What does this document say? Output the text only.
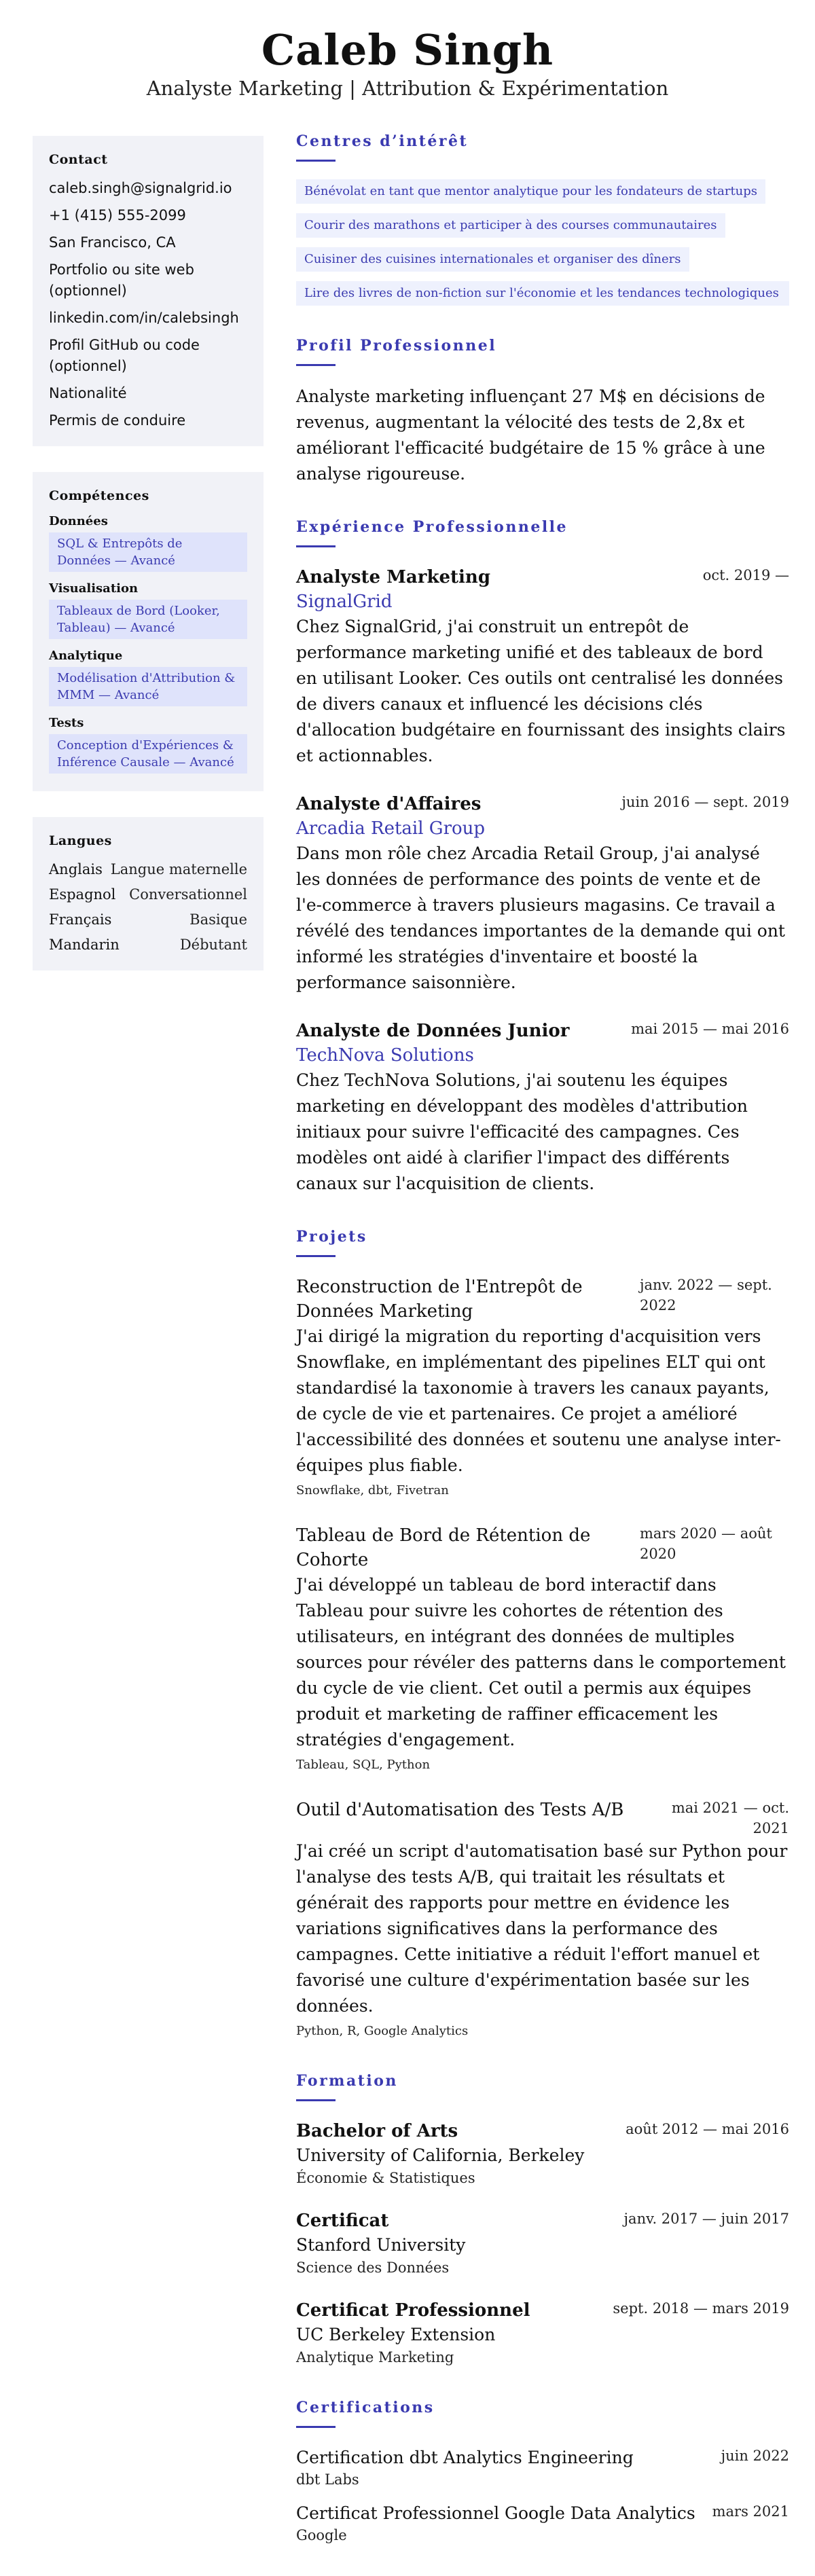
Caleb Singh
Analyste Marketing | Attribution & Expérimentation
Contact
caleb.singh@signalgrid.io
+1 (415) 555-2099
San Francisco, CA
Portfolio ou site web (optionnel)
linkedin.com/in/calebsingh
Profil GitHub ou code (optionnel)
Nationalité
Permis de conduire
Compétences
Données
SQL & Entrepôts de Données — Avancé
Visualisation
Tableaux de Bord (Looker, Tableau) — Avancé
Analytique
Modélisation d'Attribution & MMM — Avancé
Tests
Conception d'Expériences & Inférence Causale — Avancé
Langues
Anglais Langue maternelle
Espagnol Conversationnel
Français	Basique
Mandarin	Débutant
Centres d’intérêt
Bénévolat en tant que mentor analytique pour les fondateurs de startups
Courir des marathons et participer à des courses communautaires
Cuisiner des cuisines internationales et organiser des dîners
Lire des livres de non-fiction sur l'économie et les tendances technologiques
Profil Professionnel

Analyste marketing influençant 27 M$ en décisions de revenus, augmentant la vélocité des tests de 2,8x et améliorant l'efficacité budgétaire de 15 % grâce à une analyse rigoureuse.

Expérience Professionnelle
Analyste Marketing	oct. 2019 —
SignalGrid

Chez SignalGrid, j'ai construit un entrepôt de performance marketing unifié et des tableaux de bord en utilisant Looker. Ces outils ont centralisé les données de divers canaux et influencé les décisions clés d'allocation budgétaire en fournissant des insights clairs et actionnables.

Analyste d'Affaires	juin 2016 — sept. 2019
Arcadia Retail Group

Dans mon rôle chez Arcadia Retail Group, j'ai analysé les données de performance des points de vente et de l'e-commerce à travers plusieurs magasins. Ce travail a révélé des tendances importantes de la demande qui ont informé les stratégies d'inventaire et boosté la performance saisonnière.

Analyste de Données Junior	mai 2015 — mai 2016
TechNova Solutions

Chez TechNova Solutions, j'ai soutenu les équipes marketing en développant des modèles d'attribution initiaux pour suivre l'efficacité des campagnes. Ces modèles ont aidé à clarifier l'impact des différents canaux sur l'acquisition de clients.

Projets
Reconstruction de l'Entrepôt de Données Marketing
janv. 2022 — sept. 2022

J'ai dirigé la migration du reporting d'acquisition vers Snowflake, en implémentant des pipelines ELT qui ont standardisé la taxonomie à travers les canaux payants, de cycle de vie et partenaires. Ce projet a amélioré l'accessibilité des données et soutenu une analyse inter-équipes plus fiable.

Snowflake, dbt, Fivetran
Tableau de Bord de Rétention de Cohorte
mars 2020 — août 2020

J'ai développé un tableau de bord interactif dans Tableau pour suivre les cohortes de rétention des utilisateurs, en intégrant des données de multiples sources pour révéler des patterns dans le comportement du cycle de vie client. Cet outil a permis aux équipes produit et marketing de raffiner efficacement les stratégies d'engagement.

Tableau, SQL, Python
Outil d'Automatisation des Tests A/B	mai 2021 — oct. 2021

J'ai créé un script d'automatisation basé sur Python pour l'analyse des tests A/B, qui traitait les résultats et générait des rapports pour mettre en évidence les variations significatives dans la performance des campagnes. Cette initiative a réduit l'effort manuel et favorisé une culture d'expérimentation basée sur les données.

Python, R, Google Analytics
Formation
Bachelor of Arts	août 2012 — mai 2016
University of California, Berkeley
Économie & Statistiques
Certificat	janv. 2017 — juin 2017
Stanford University
Science des Données
Certificat Professionnel	sept. 2018 — mars 2019
UC Berkeley Extension
Analytique Marketing
Certifications
Certification dbt Analytics Engineering	juin 2022
dbt Labs
Certificat Professionnel Google Data Analytics mars 2021
Google
